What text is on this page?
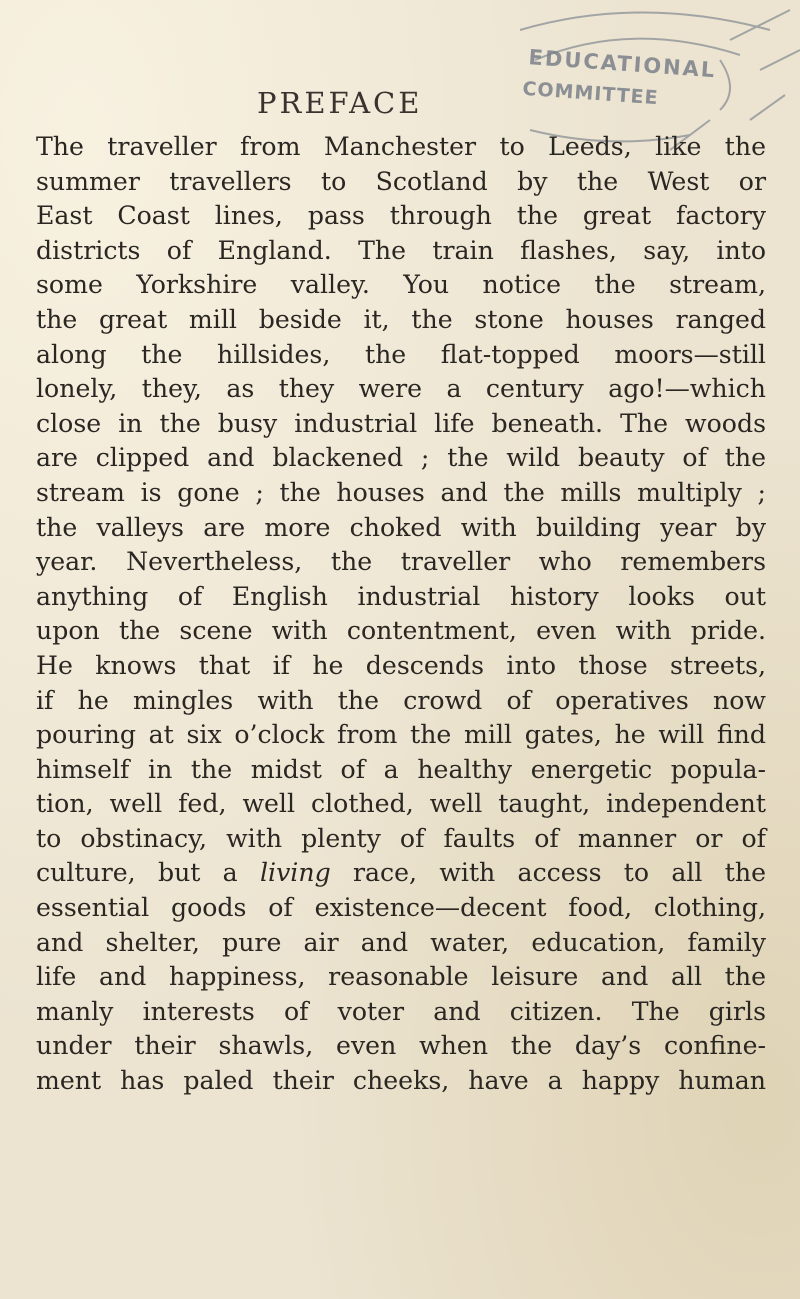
PREFACE
EDUCATIONAL
COMMITTEE
The traveller from Manchester to Leeds, like the
summer travellers to Scotland by the West or
East Coast lines, pass through the great factory
districts of England. The train flashes, say, into
some Yorkshire valley. You notice the stream,
the great mill beside it, the stone houses ranged
along the hillsides, the flat-topped moors—still
lonely, they, as they were a century ago!—which
close in the busy industrial life beneath. The woods
are clipped and blackened ; the wild beauty of the
stream is gone ; the houses and the mills multiply ;
the valleys are more choked with building year by
year. Nevertheless, the traveller who remembers
anything of English industrial history looks out
upon the scene with contentment, even with pride.
He knows that if he descends into those streets,
if he mingles with the crowd of operatives now
pouring at six o’clock from the mill gates, he will find
himself in the midst of a healthy energetic popula-
tion, well fed, well clothed, well taught, independent
to obstinacy, with plenty of faults of manner or of
culture, but a living race, with access to all the
essential goods of existence—decent food, clothing,
and shelter, pure air and water, education, family
life and happiness, reasonable leisure and all the
manly interests of voter and citizen. The girls
under their shawls, even when the day’s confine-
ment has paled their cheeks, have a happy human
